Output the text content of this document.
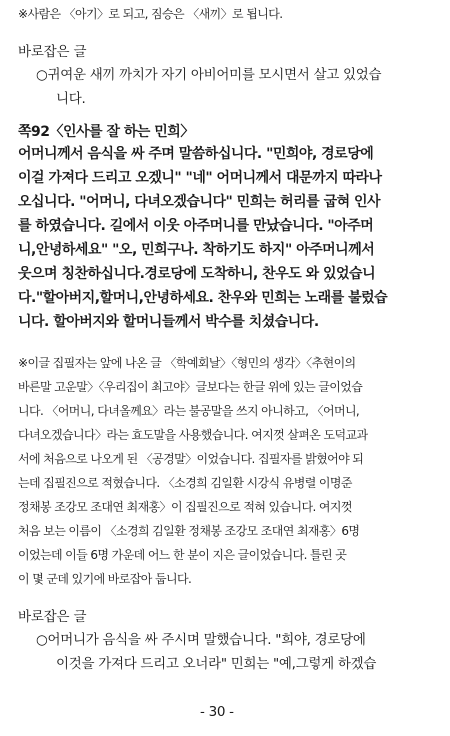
※사람은 〈아기〉로 되고, 짐승은 〈새끼〉로 됩니다.
바로잡은 글
○귀여운 새끼 까치가 자기 아비어미를 모시면서 살고 있었습
니다.
쪽92〈인사를 잘 하는 민희〉
어머니께서 음식을 싸 주며 말씀하십니다. "민희야, 경로당에
이걸 가져다 드리고 오겠니" "네" 어머니께서 대문까지 따라나
오십니다. "어머니, 다녀오겠습니다" 민희는 허리를 굽혀 인사
를 하였습니다. 길에서 이웃 아주머니를 만났습니다. "아주머
니,안녕하세요" "오, 민희구나. 착하기도 하지" 아주머니께서
웃으며 칭찬하십니다.경로당에 도착하니, 찬우도 와 있었습니
다."할아버지,할머니,안녕하세요. 찬우와 민희는 노래를 불렀습
니다. 할아버지와 할머니들께서 박수를 치셨습니다.
※이글 집필자는 앞에 나온 글 〈학예회날〉〈형민의 생각〉〈추현이의
바른말 고운말〉〈우리집이 최고야〉글보다는 한글 위에 있는 글이었습
니다. 〈어머니, 다녀올께요〉라는 불공말을 쓰지 아니하고, 〈어머니,
다녀오겠습니다〉라는 효도말을 사용했습니다. 여지껏 살펴온 도덕교과
서에 처음으로 나오게 된 〈공경말〉이었습니다. 집필자를 밝혔어야 되
는데 집필진으로 적혔습니다. 〈소경희 김일환 시강식 유병렬 이명준
정채봉 조강모 조대연 최재홍〉이 집필진으로 적혀 있습니다. 여지껏
처음 보는 이름이 〈소경희 김일환 정채봉 조강모 조대연 최재홍〉6명
이었는데 이들 6명 가운데 어느 한 분이 지은 글이었습니다. 틀린 곳
이 몇 군데 있기에 바로잡아 둡니다.
바로잡은 글
○어머니가 음식을 싸 주시며 말했습니다. "희야, 경로당에
이것을 가져다 드리고 오너라" 민희는 "예,그렇게 하겠습
- 30 -
